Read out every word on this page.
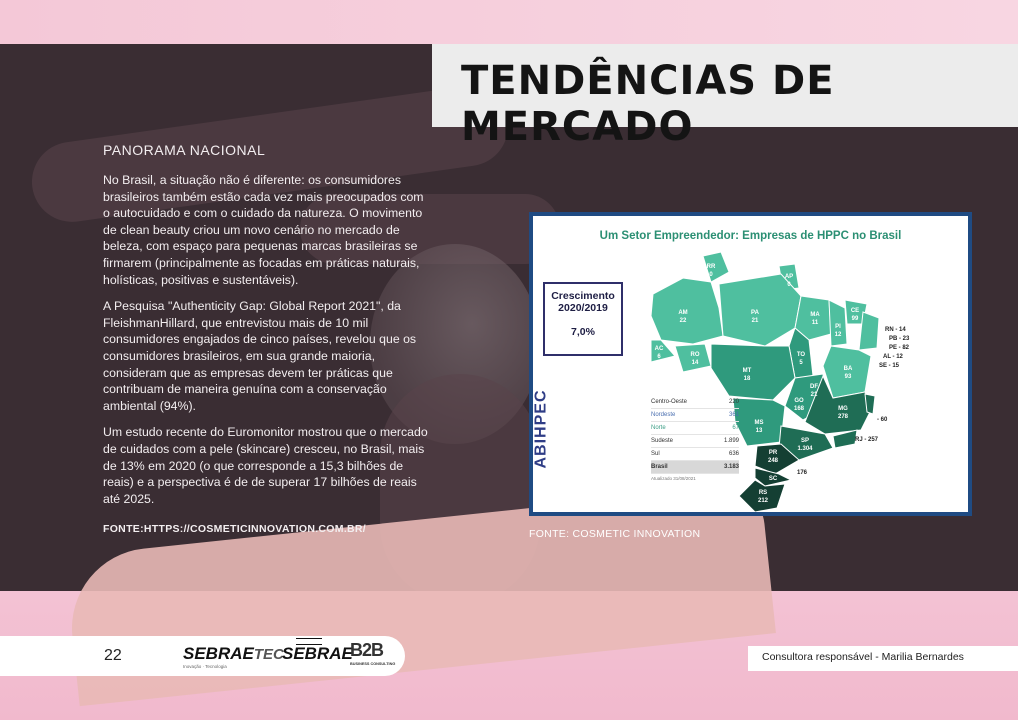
TENDÊNCIAS DE MERCADO
PANORAMA NACIONAL

No Brasil, a situação não é diferente: os consumidores brasileiros também estão cada vez mais preocupados com o autocuidado e com o cuidado da natureza. O movimento de clean beauty criou um novo cenário no mercado de beleza, com espaço para pequenas marcas brasileiras se firmarem (principalmente as focadas em práticas naturais, holísticas, positivas e sustentáveis).

A Pesquisa "Authenticity Gap: Global Report 2021", da FleishmanHillard, que entrevistou mais de 10 mil consumidores engajados de cinco países, revelou que os consumidores brasileiros, em sua grande maioria, consideram que as empresas devem ter práticas que contribuam de maneira genuína com a conservação ambiental (94%).

Um estudo recente do Euromonitor mostrou que o mercado de cuidados com a pele (skincare) cresceu, no Brasil, mais de 13% em 2020 (o que corresponde a 15,3 bilhões de reais) e a perspectiva é de de superar 17 bilhões de reais até 2025.

FONTE:HTTPS://COSMETICINNOVATION.COM.BR/
Um Setor Empreendedor: Empresas de HPPC no Brasil
Crescimento
2020/2019
7,0%
ABIHPEC
RR
0	AP
0
AM
22
PA
21
MA
11
CE
99
PI
12
AC
6	RO
14
TO
5
BA
93
MT
18
DF
21
GO
168	MG
278
MS
13
SP
1.304
PR
248
SC
176
RS
212
RN - 14
PB - 23
PE - 82
AL - 12
SE - 15
- 60
RJ - 257
Centro-Oeste	220
Nordeste	361
Norte	67
Sudeste	1.899
Sul	636
Brasil	3.183
Atualizado 31/08/2021
FONTE: COSMETIC INNOVATION
22	SEBRAETEC
Inovação · Tecnologia
SEBRAE
B2B
BUSINESS CONSULTING
Consultora responsável - Marilia Bernardes
